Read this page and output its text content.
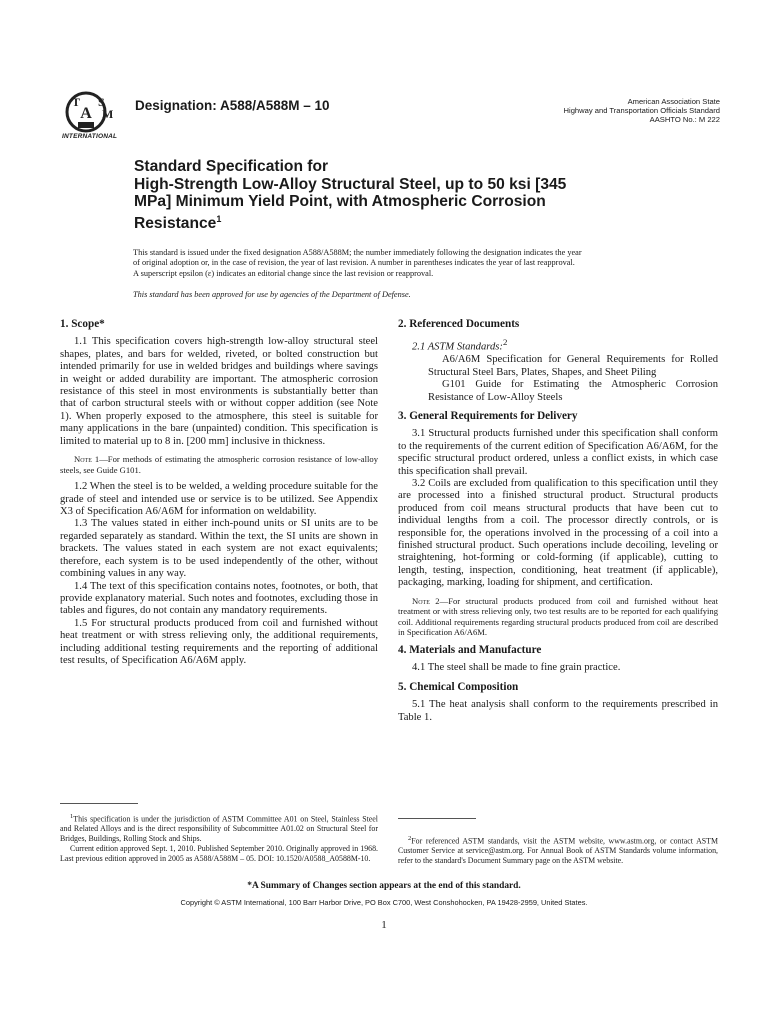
A
S
T
M
INTERNATIONAL
Designation: A588/A588M – 10	American Association State
Highway and Transportation Officials Standard
AASHTO No.: M 222
Standard Specification for
High-Strength Low-Alloy Structural Steel, up to 50 ksi [345
MPa] Minimum Yield Point, with Atmospheric Corrosion
Resistance$^1$

This standard is issued under the fixed designation A588/A588M; the number immediately following the designation indicates the year

of original adoption or, in the case of revision, the year of last revision. A number in parentheses indicates the year of last reapproval.

A superscript epsilon (ε) indicates an editorial change since the last revision or reapproval.

This standard has been approved for use by agencies of the Department of Defense.
1. Scope*

1.1 This specification covers high-strength low-alloy structural steel shapes, plates, and bars for welded, riveted, or bolted construction but intended primarily for use in welded bridges and buildings where savings in weight or added durability are important. The atmospheric corrosion resistance of this steel in most environments is substantially better than that of carbon structural steels with or without copper addition (see Note 1). When properly exposed to the atmosphere, this steel is suitable for many applications in the bare (unpainted) condition. This specification is limited to material up to 8 in. [200 mm] inclusive in thickness.

Note 1—For methods of estimating the atmospheric corrosion resistance of low-alloy steels, see Guide G101.

1.2 When the steel is to be welded, a welding procedure suitable for the grade of steel and intended use or service is to be utilized. See Appendix X3 of Specification A6/A6M for information on weldability.

1.3 The values stated in either inch-pound units or SI units are to be regarded separately as standard. Within the text, the SI units are shown in brackets. The values stated in each system are not exact equivalents; therefore, each system is to be used independently of the other, without combining values in any way.

1.4 The text of this specification contains notes, footnotes, or both, that provide explanatory material. Such notes and footnotes, excluding those in tables and figures, do not contain any mandatory requirements.

1.5 For structural products produced from coil and furnished without heat treatment or with stress relieving only, the additional requirements, including additional testing requirements and the reporting of additional test results, of Specification A6/A6M apply.

2. Referenced Documents

2.1 ASTM Standards:$^2$

A6/A6M Specification for General Requirements for Rolled Structural Steel Bars, Plates, Shapes, and Sheet Piling

G101 Guide for Estimating the Atmospheric Corrosion Resistance of Low-Alloy Steels

3. General Requirements for Delivery

3.1 Structural products furnished under this specification shall conform to the requirements of the current edition of Specification A6/A6M, for the specific structural product ordered, unless a conflict exists, in which case this specification shall prevail.

3.2 Coils are excluded from qualification to this specification until they are processed into a finished structural product. Structural products produced from coil means structural products that have been cut to individual lengths from a coil. The processor directly controls, or is responsible for, the operations involved in the processing of a coil into a finished structural product. Such operations include decoiling, leveling or straightening, hot-forming or cold-forming (if applicable), cutting to length, testing, inspection, conditioning, heat treatment (if applicable), packaging, marking, loading for shipment, and certification.

Note 2—For structural products produced from coil and furnished without heat treatment or with stress relieving only, two test results are to be reported for each qualifying coil. Additional requirements regarding structural products produced from coil are described in Specification A6/A6M.

4. Materials and Manufacture

4.1 The steel shall be made to fine grain practice.

5. Chemical Composition

5.1 The heat analysis shall conform to the requirements prescribed in Table 1.

$^1$This specification is under the jurisdiction of ASTM Committee A01 on Steel, Stainless Steel and Related Alloys and is the direct responsibility of Subcommittee A01.02 on Structural Steel for Bridges, Buildings, Rolling Stock and Ships.

Current edition approved Sept. 1, 2010. Published September 2010. Originally approved in 1968. Last previous edition approved in 2005 as A588/A588M – 05. DOI: 10.1520/A0588_A0588M-10.

$^2$For referenced ASTM standards, visit the ASTM website, www.astm.org, or contact ASTM Customer Service at service@astm.org. For Annual Book of ASTM Standards volume information, refer to the standard's Document Summary page on the ASTM website.

*A Summary of Changes section appears at the end of this standard.
Copyright © ASTM International, 100 Barr Harbor Drive, PO Box C700, West Conshohocken, PA 19428-2959, United States.
1
